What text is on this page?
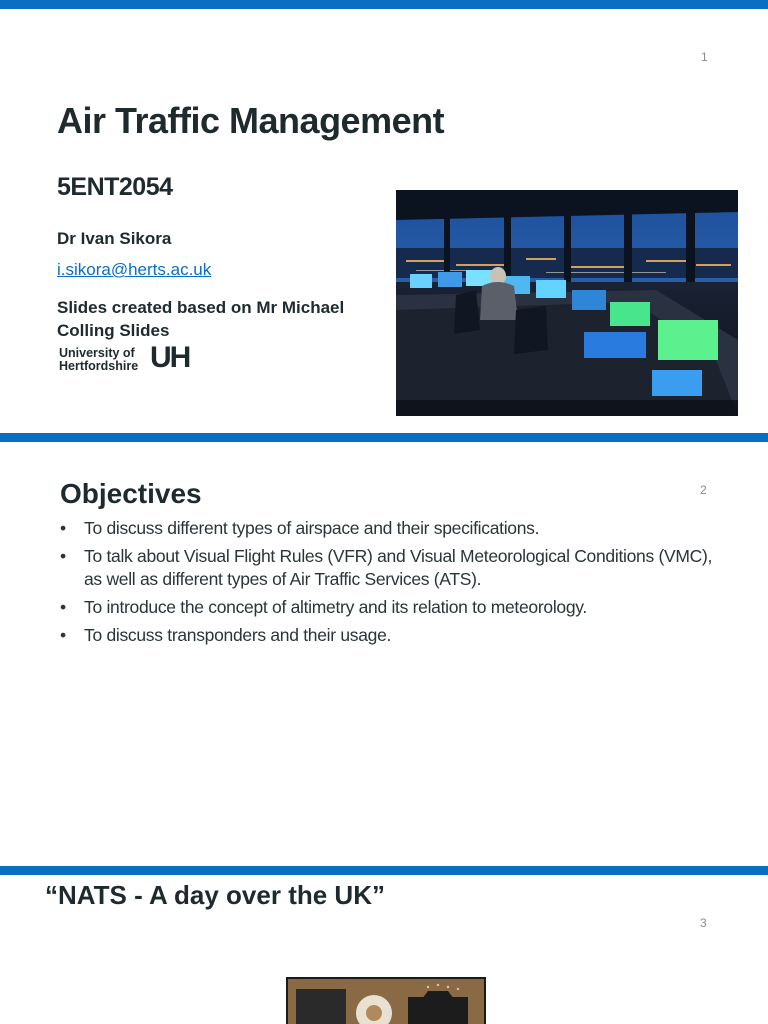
1
Air Traffic Management
5ENT2054
Dr Ivan Sikora
i.sikora@herts.ac.uk
Slides created based on Mr Michael Colling Slides
University of
Hertfordshire UH
2
Objectives
• To discuss different types of airspace and their specifications.
• To talk about Visual Flight Rules (VFR) and Visual Meteorological Conditions (VMC), as well as different types of Air Traffic Services (ATS).
• To introduce the concept of altimetry and its relation to meteorology.
• To discuss transponders and their usage.
“NATS - A day over the UK”
3
